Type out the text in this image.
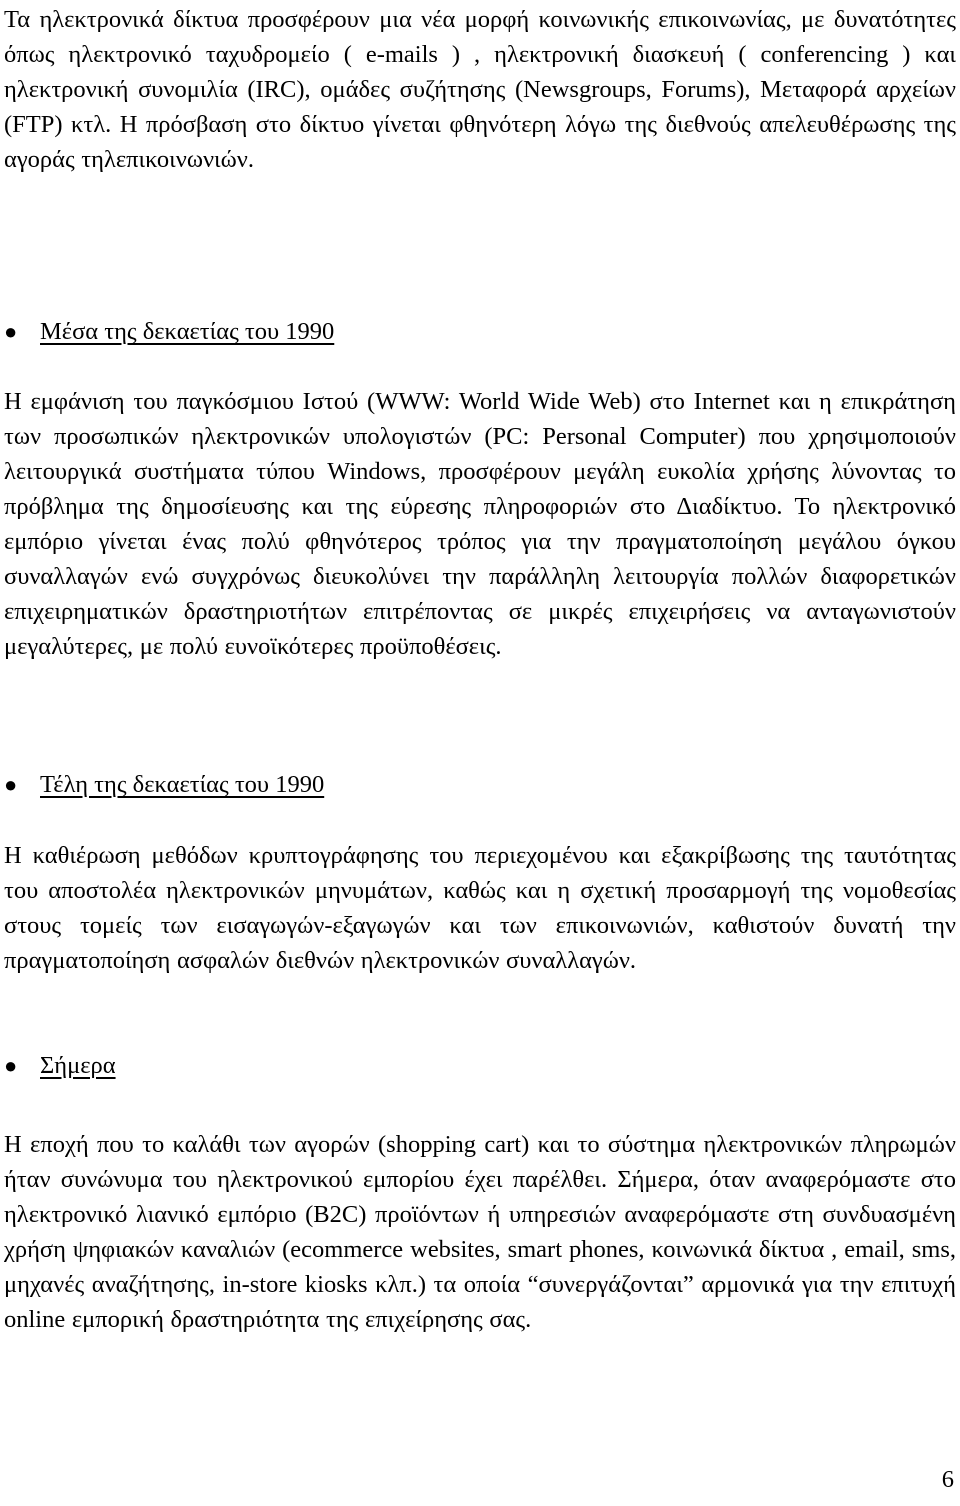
Τα ηλεκτρονικά δίκτυα προσφέρουν μια νέα μορφή κοινωνικής επικοινωνίας, με δυνατότητες όπως ηλεκτρονικό ταχυδρομείο ( e-mails ) , ηλεκτρονική διασκευή ( conferencing ) και ηλεκτρονική συνομιλία (IRC), ομάδες συζήτησης (Newsgroups, Forums), Μεταφορά αρχείων (FTP) κτλ. Η πρόσβαση στο δίκτυο γίνεται φθηνότερη λόγω της διεθνούς απελευθέρωσης της αγοράς τηλεπικοινωνιών.

● Μέσα της δεκαετίας του 1990

Η εμφάνιση του παγκόσμιου Ιστού (WWW: World Wide Web) στο Internet και η επικράτηση των προσωπικών ηλεκτρονικών υπολογιστών (PC: Personal Computer) που χρησιμοποιούν λειτουργικά συστήματα τύπου Windows, προσφέρουν μεγάλη ευκολία χρήσης λύνοντας το πρόβλημα της δημοσίευσης και της εύρεσης πληροφοριών στο Διαδίκτυο. Το ηλεκτρονικό εμπόριο γίνεται ένας πολύ φθηνότερος τρόπος για την πραγματοποίηση μεγάλου όγκου συναλλαγών ενώ συγχρόνως διευκολύνει την παράλληλη λειτουργία πολλών διαφορετικών επιχειρηματικών δραστηριοτήτων επιτρέποντας σε μικρές επιχειρήσεις να ανταγωνιστούν μεγαλύτερες, με πολύ ευνοϊκότερες προϋποθέσεις.

● Τέλη της δεκαετίας του 1990

Η καθιέρωση μεθόδων κρυπτογράφησης του περιεχομένου και εξακρίβωσης της ταυτότητας του αποστολέα ηλεκτρονικών μηνυμάτων, καθώς και η σχετική προσαρμογή της νομοθεσίας στους τομείς των εισαγωγών-εξαγωγών και των επικοινωνιών, καθιστούν δυνατή την πραγματοποίηση ασφαλών διεθνών ηλεκτρονικών συναλλαγών.

● Σήμερα

Η εποχή που το καλάθι των αγορών (shopping cart) και το σύστημα ηλεκτρονικών πληρωμών ήταν συνώνυμα του ηλεκτρονικού εμπορίου έχει παρέλθει. Σήμερα, όταν αναφερόμαστε στο ηλεκτρονικό λιανικό εμπόριο (B2C) προϊόντων ή υπηρεσιών αναφερόμαστε στη συνδυασμένη χρήση ψηφιακών καναλιών (ecommerce websites, smart phones, κοινωνικά δίκτυα , email, sms, μηχανές αναζήτησης, in-store kiosks κλπ.) τα οποία “συνεργάζονται” αρμονικά για την επιτυχή online εμπορική δραστηριότητα της επιχείρησης σας.

6
